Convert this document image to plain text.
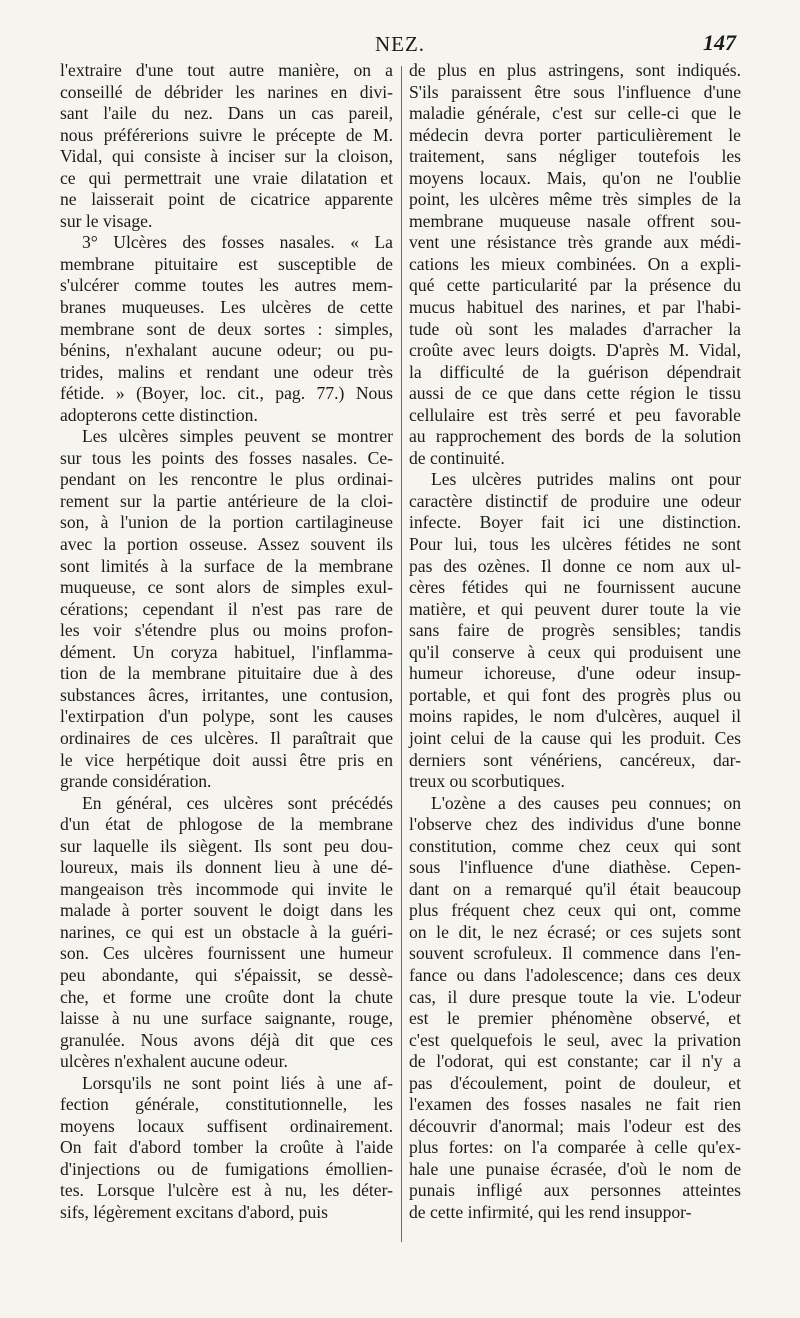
NEZ.	147
l'extraire d'une tout autre manière, on a
conseillé de débrider les narines en divi-
sant l'aile du nez. Dans un cas pareil,
nous préférerions suivre le précepte de M.
Vidal, qui consiste à inciser sur la cloison,
ce qui permettrait une vraie dilatation et
ne laisserait point de cicatrice apparente
sur le visage.
3° Ulcères des fosses nasales. « La
membrane pituitaire est susceptible de
s'ulcérer comme toutes les autres mem-
branes muqueuses. Les ulcères de cette
membrane sont de deux sortes : simples,
bénins, n'exhalant aucune odeur; ou pu-
trides, malins et rendant une odeur très
fétide. » (Boyer, loc. cit., pag. 77.) Nous
adopterons cette distinction.
Les ulcères simples peuvent se montrer
sur tous les points des fosses nasales. Ce-
pendant on les rencontre le plus ordinai-
rement sur la partie antérieure de la cloi-
son, à l'union de la portion cartilagineuse
avec la portion osseuse. Assez souvent ils
sont limités à la surface de la membrane
muqueuse, ce sont alors de simples exul-
cérations; cependant il n'est pas rare de
les voir s'étendre plus ou moins profon-
dément. Un coryza habituel, l'inflamma-
tion de la membrane pituitaire due à des
substances âcres, irritantes, une contusion,
l'extirpation d'un polype, sont les causes
ordinaires de ces ulcères. Il paraîtrait que
le vice herpétique doit aussi être pris en
grande considération.
En général, ces ulcères sont précédés
d'un état de phlogose de la membrane
sur laquelle ils siègent. Ils sont peu dou-
loureux, mais ils donnent lieu à une dé-
mangeaison très incommode qui invite le
malade à porter souvent le doigt dans les
narines, ce qui est un obstacle à la guéri-
son. Ces ulcères fournissent une humeur
peu abondante, qui s'épaissit, se dessè-
che, et forme une croûte dont la chute
laisse à nu une surface saignante, rouge,
granulée. Nous avons déjà dit que ces
ulcères n'exhalent aucune odeur.
Lorsqu'ils ne sont point liés à une af-
fection générale, constitutionnelle, les
moyens locaux suffisent ordinairement.
On fait d'abord tomber la croûte à l'aide
d'injections ou de fumigations émollien-
tes. Lorsque l'ulcère est à nu, les déter-
sifs, légèrement excitans d'abord, puis
de plus en plus astringens, sont indiqués.
S'ils paraissent être sous l'influence d'une
maladie générale, c'est sur celle-ci que le
médecin devra porter particulièrement le
traitement, sans négliger toutefois les
moyens locaux. Mais, qu'on ne l'oublie
point, les ulcères même très simples de la
membrane muqueuse nasale offrent sou-
vent une résistance très grande aux médi-
cations les mieux combinées. On a expli-
qué cette particularité par la présence du
mucus habituel des narines, et par l'habi-
tude où sont les malades d'arracher la
croûte avec leurs doigts. D'après M. Vidal,
la difficulté de la guérison dépendrait
aussi de ce que dans cette région le tissu
cellulaire est très serré et peu favorable
au rapprochement des bords de la solution
de continuité.
Les ulcères putrides malins ont pour
caractère distinctif de produire une odeur
infecte. Boyer fait ici une distinction.
Pour lui, tous les ulcères fétides ne sont
pas des ozènes. Il donne ce nom aux ul-
cères fétides qui ne fournissent aucune
matière, et qui peuvent durer toute la vie
sans faire de progrès sensibles; tandis
qu'il conserve à ceux qui produisent une
humeur ichoreuse, d'une odeur insup-
portable, et qui font des progrès plus ou
moins rapides, le nom d'ulcères, auquel il
joint celui de la cause qui les produit. Ces
derniers sont vénériens, cancéreux, dar-
treux ou scorbutiques.
L'ozène a des causes peu connues; on
l'observe chez des individus d'une bonne
constitution, comme chez ceux qui sont
sous l'influence d'une diathèse. Cepen-
dant on a remarqué qu'il était beaucoup
plus fréquent chez ceux qui ont, comme
on le dit, le nez écrasé; or ces sujets sont
souvent scrofuleux. Il commence dans l'en-
fance ou dans l'adolescence; dans ces deux
cas, il dure presque toute la vie. L'odeur
est le premier phénomène observé, et
c'est quelquefois le seul, avec la privation
de l'odorat, qui est constante; car il n'y a
pas d'écoulement, point de douleur, et
l'examen des fosses nasales ne fait rien
découvrir d'anormal; mais l'odeur est des
plus fortes: on l'a comparée à celle qu'ex-
hale une punaise écrasée, d'où le nom de
punais infligé aux personnes atteintes
de cette infirmité, qui les rend insuppor-
